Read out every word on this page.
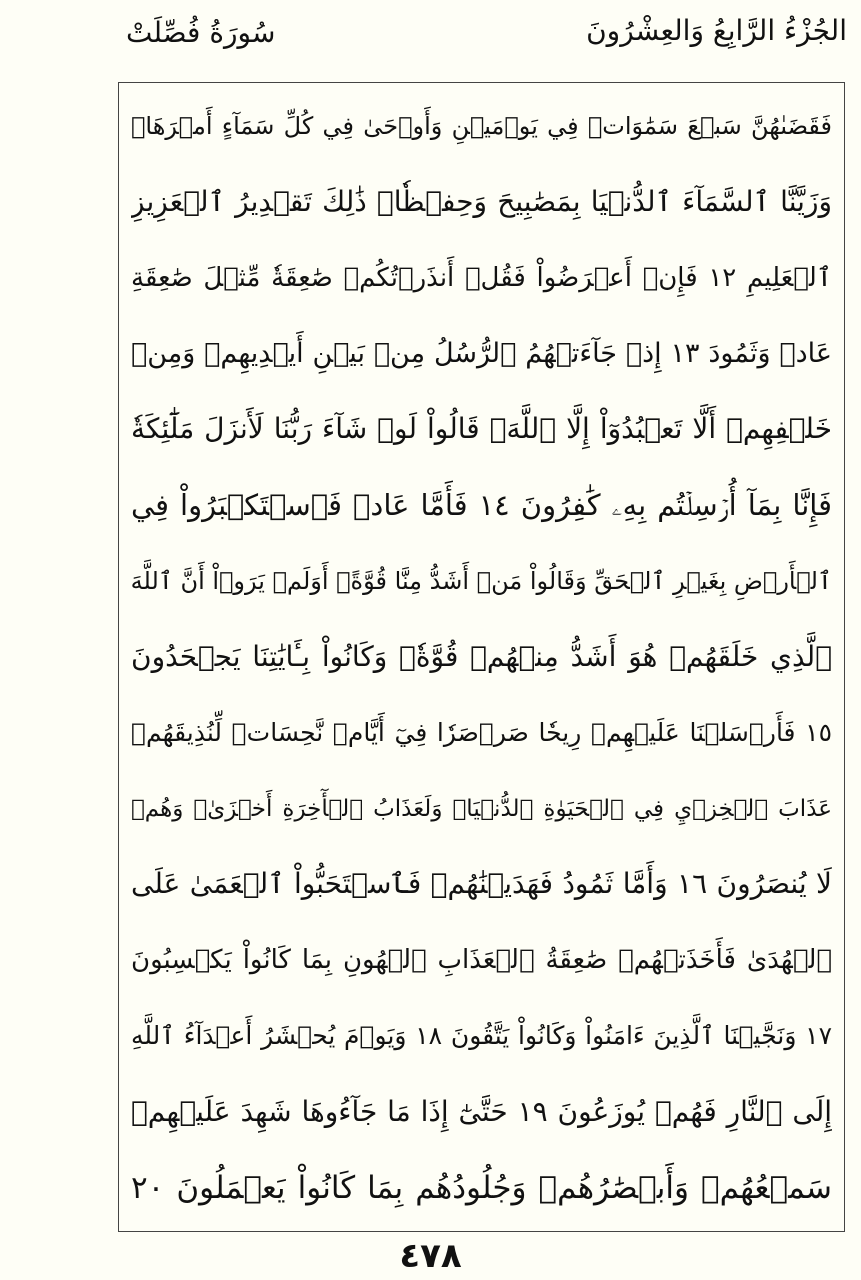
الجُزْءُ الرَّابِعُ وَالعِشْرُونَ
سُورَةُ فُصِّلَتْ
فَقَضَىٰهُنَّ سَبۡعَ سَمَٰوَاتٖ فِي يَوۡمَيۡنِ وَأَوۡحَىٰ فِي كُلِّ سَمَآءٍ أَمۡرَهَاۚ
وَزَيَّنَّا ٱلسَّمَآءَ ٱلدُّنۡيَا بِمَصَٰبِيحَ وَحِفۡظٗاۚ ذَٰلِكَ تَقۡدِيرُ ٱلۡعَزِيزِ
ٱلۡعَلِيمِ ١٢ فَإِنۡ أَعۡرَضُواْ فَقُلۡ أَنذَرۡتُكُمۡ صَٰعِقَةٗ مِّثۡلَ صَٰعِقَةِ
عَادٖ وَثَمُودَ ١٣ إِذۡ جَآءَتۡهُمُ ٱلرُّسُلُ مِنۢ بَيۡنِ أَيۡدِيهِمۡ وَمِنۡ
خَلۡفِهِمۡ أَلَّا تَعۡبُدُوٓاْ إِلَّا ٱللَّهَۖ قَالُواْ لَوۡ شَآءَ رَبُّنَا لَأَنزَلَ مَلَٰٓئِكَةٗ
فَإِنَّا بِمَآ أُرۡسِلۡتُم بِهِۦ كَٰفِرُونَ ١٤ فَأَمَّا عَادٞ فَٱسۡتَكۡبَرُواْ فِي
ٱلۡأَرۡضِ بِغَيۡرِ ٱلۡحَقِّ وَقَالُواْ مَنۡ أَشَدُّ مِنَّا قُوَّةًۖ أَوَلَمۡ يَرَوۡاْ أَنَّ ٱللَّهَ
ٱلَّذِي خَلَقَهُمۡ هُوَ أَشَدُّ مِنۡهُمۡ قُوَّةٗۖ وَكَانُواْ بِـَٔايَٰتِنَا يَجۡحَدُونَ
١٥ فَأَرۡسَلۡنَا عَلَيۡهِمۡ رِيحٗا صَرۡصَرٗا فِيٓ أَيَّامٖ نَّحِسَاتٖ لِّنُذِيقَهُمۡ
عَذَابَ ٱلۡخِزۡيِ فِي ٱلۡحَيَوٰةِ ٱلدُّنۡيَاۖ وَلَعَذَابُ ٱلۡأٓخِرَةِ أَخۡزَىٰۖ وَهُمۡ
لَا يُنصَرُونَ ١٦ وَأَمَّا ثَمُودُ فَهَدَيۡنَٰهُمۡ فَٱسۡتَحَبُّواْ ٱلۡعَمَىٰ عَلَى
ٱلۡهُدَىٰ فَأَخَذَتۡهُمۡ صَٰعِقَةُ ٱلۡعَذَابِ ٱلۡهُونِ بِمَا كَانُواْ يَكۡسِبُونَ
١٧ وَنَجَّيۡنَا ٱلَّذِينَ ءَامَنُواْ وَكَانُواْ يَتَّقُونَ ١٨ وَيَوۡمَ يُحۡشَرُ أَعۡدَآءُ ٱللَّهِ
إِلَى ٱلنَّارِ فَهُمۡ يُوزَعُونَ ١٩ حَتَّىٰٓ إِذَا مَا جَآءُوهَا شَهِدَ عَلَيۡهِمۡ
سَمۡعُهُمۡ وَأَبۡصَٰرُهُمۡ وَجُلُودُهُم بِمَا كَانُواْ يَعۡمَلُونَ ٢٠
٤٧٨
